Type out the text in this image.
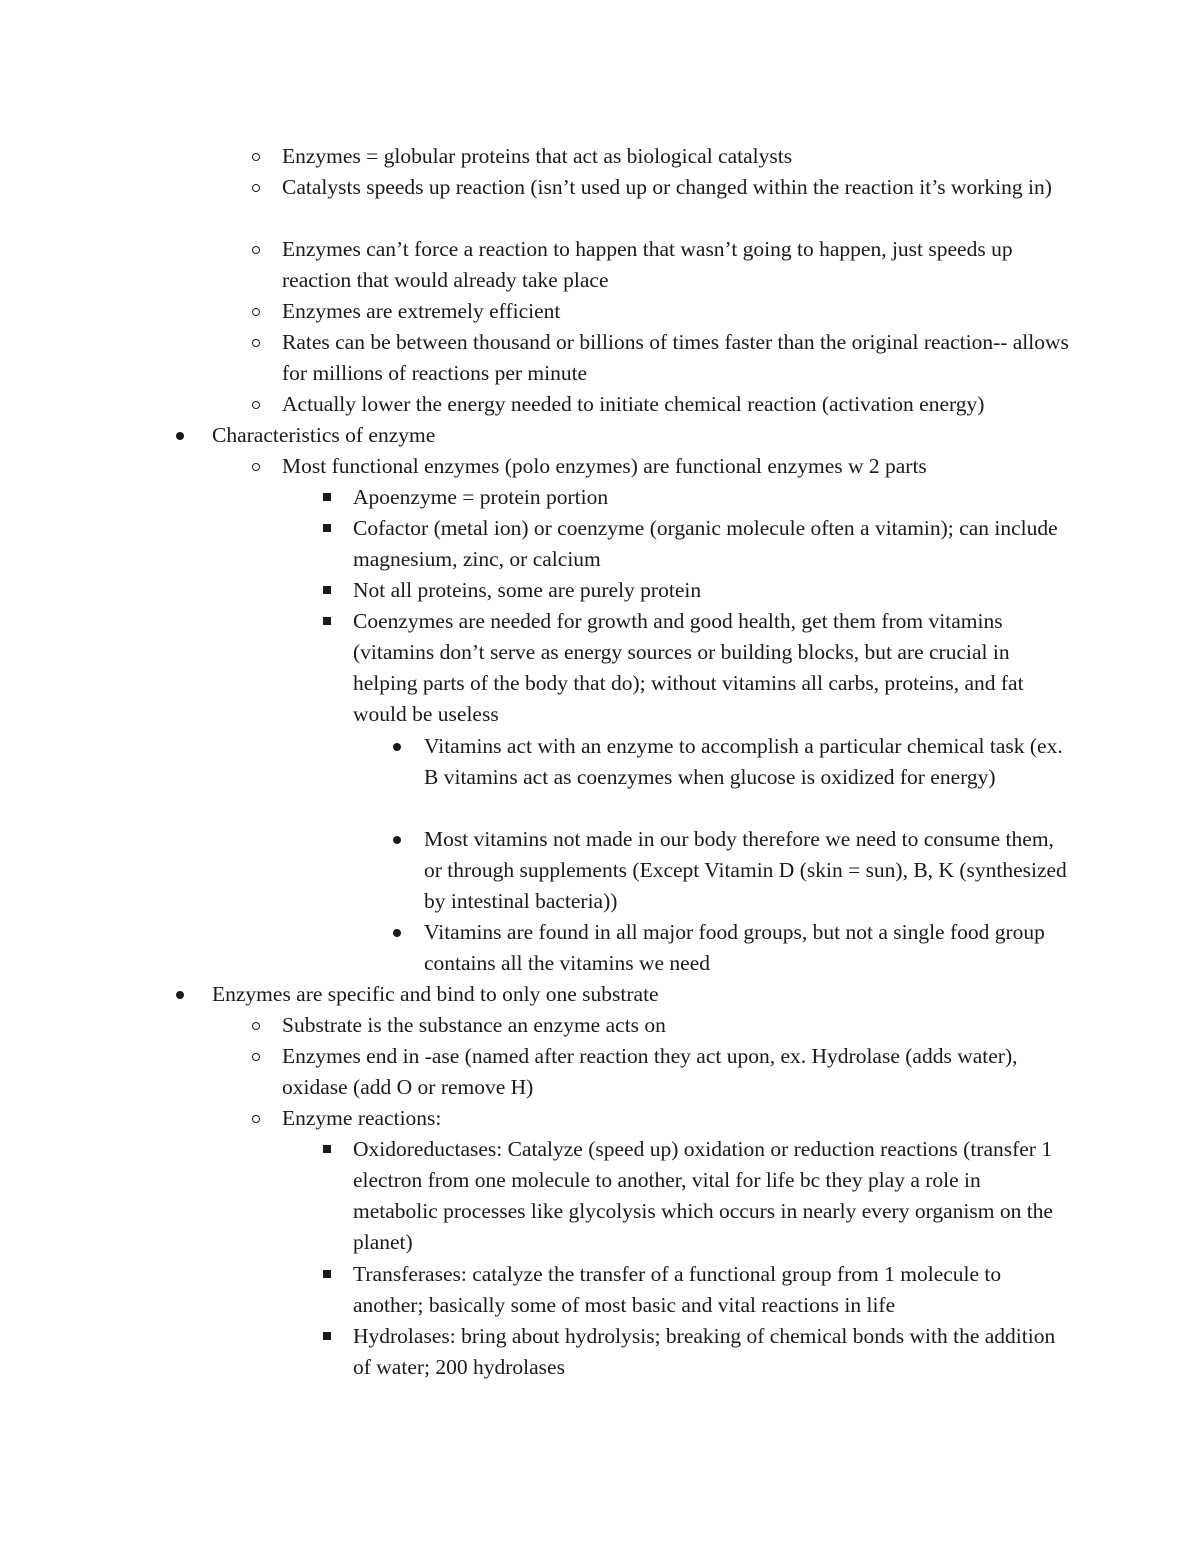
Enzymes = globular proteins that act as biological catalysts
Catalysts speeds up reaction (isn’t used up or changed within the reaction it’s working in)
Enzymes can’t force a reaction to happen that wasn’t going to happen, just speeds up reaction that would already take place
Enzymes are extremely efficient
Rates can be between thousand or billions of times faster than the original reaction-- allows for millions of reactions per minute
Actually lower the energy needed to initiate chemical reaction (activation energy)
Characteristics of enzyme
Most functional enzymes (polo enzymes) are functional enzymes w 2 parts
Apoenzyme = protein portion
Cofactor (metal ion) or coenzyme (organic molecule often a vitamin); can include magnesium, zinc, or calcium
Not all proteins, some are purely protein
Coenzymes are needed for growth and good health, get them from vitamins (vitamins don’t serve as energy sources or building blocks, but are crucial in helping parts of the body that do); without vitamins all carbs, proteins, and fat would be useless
Vitamins act with an enzyme to accomplish a particular chemical task (ex. B vitamins act as coenzymes when glucose is oxidized for energy)
Most vitamins not made in our body therefore we need to consume them, or through supplements (Except Vitamin D (skin = sun), B, K (synthesized by intestinal bacteria))
Vitamins are found in all major food groups, but not a single food group contains all the vitamins we need
Enzymes are specific and bind to only one substrate
Substrate is the substance an enzyme acts on
Enzymes end in -ase (named after reaction they act upon, ex. Hydrolase (adds water), oxidase (add O or remove H)
Enzyme reactions:
Oxidoreductases: Catalyze (speed up) oxidation or reduction reactions (transfer 1 electron from one molecule to another, vital for life bc they play a role in metabolic processes like glycolysis which occurs in nearly every organism on the planet)
Transferases: catalyze the transfer of a functional group from 1 molecule to another; basically some of most basic and vital reactions in life
Hydrolases: bring about hydrolysis; breaking of chemical bonds with the addition of water; 200 hydrolases
